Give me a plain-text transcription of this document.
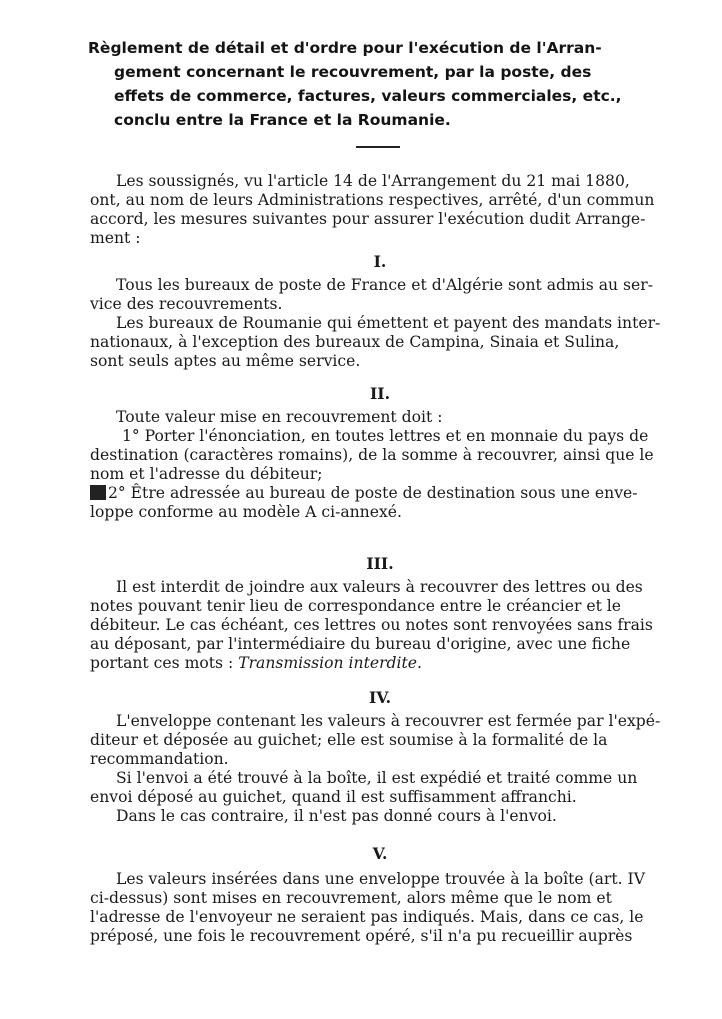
Règlement de détail et d'ordre pour l'exécution de l'Arran-
gement concernant le recouvrement, par la poste, des
effets de commerce, factures, valeurs commerciales, etc.,
conclu entre la France et la Roumanie.
Les soussignés, vu l'article 14 de l'Arrangement du 21 mai 1880,
ont, au nom de leurs Administrations respectives, arrêté, d'un commun
accord, les mesures suivantes pour assurer l'exécution dudit Arrange-
ment :
I.
Tous les bureaux de poste de France et d'Algérie sont admis au ser-
vice des recouvrements.
Les bureaux de Roumanie qui émettent et payent des mandats inter-
nationaux, à l'exception des bureaux de Campina, Sinaia et Sulina,
sont seuls aptes au même service.
II.
Toute valeur mise en recouvrement doit :
1° Porter l'énonciation, en toutes lettres et en monnaie du pays de
destination (caractères romains), de la somme à recouvrer, ainsi que le
nom et l'adresse du débiteur;
2° Être adressée au bureau de poste de destination sous une enve-
loppe conforme au modèle A ci-annexé.
III.
Il est interdit de joindre aux valeurs à recouvrer des lettres ou des
notes pouvant tenir lieu de correspondance entre le créancier et le
débiteur. Le cas échéant, ces lettres ou notes sont renvoyées sans frais
au déposant, par l'intermédiaire du bureau d'origine, avec une fiche
portant ces mots : Transmission interdite.
IV.
L'enveloppe contenant les valeurs à recouvrer est fermée par l'expé-
diteur et déposée au guichet; elle est soumise à la formalité de la
recommandation.
Si l'envoi a été trouvé à la boîte, il est expédié et traité comme un
envoi déposé au guichet, quand il est suffisamment affranchi.
Dans le cas contraire, il n'est pas donné cours à l'envoi.
V.
Les valeurs insérées dans une enveloppe trouvée à la boîte (art. IV
ci-dessus) sont mises en recouvrement, alors même que le nom et
l'adresse de l'envoyeur ne seraient pas indiqués. Mais, dans ce cas, le
préposé, une fois le recouvrement opéré, s'il n'a pu recueillir auprès
